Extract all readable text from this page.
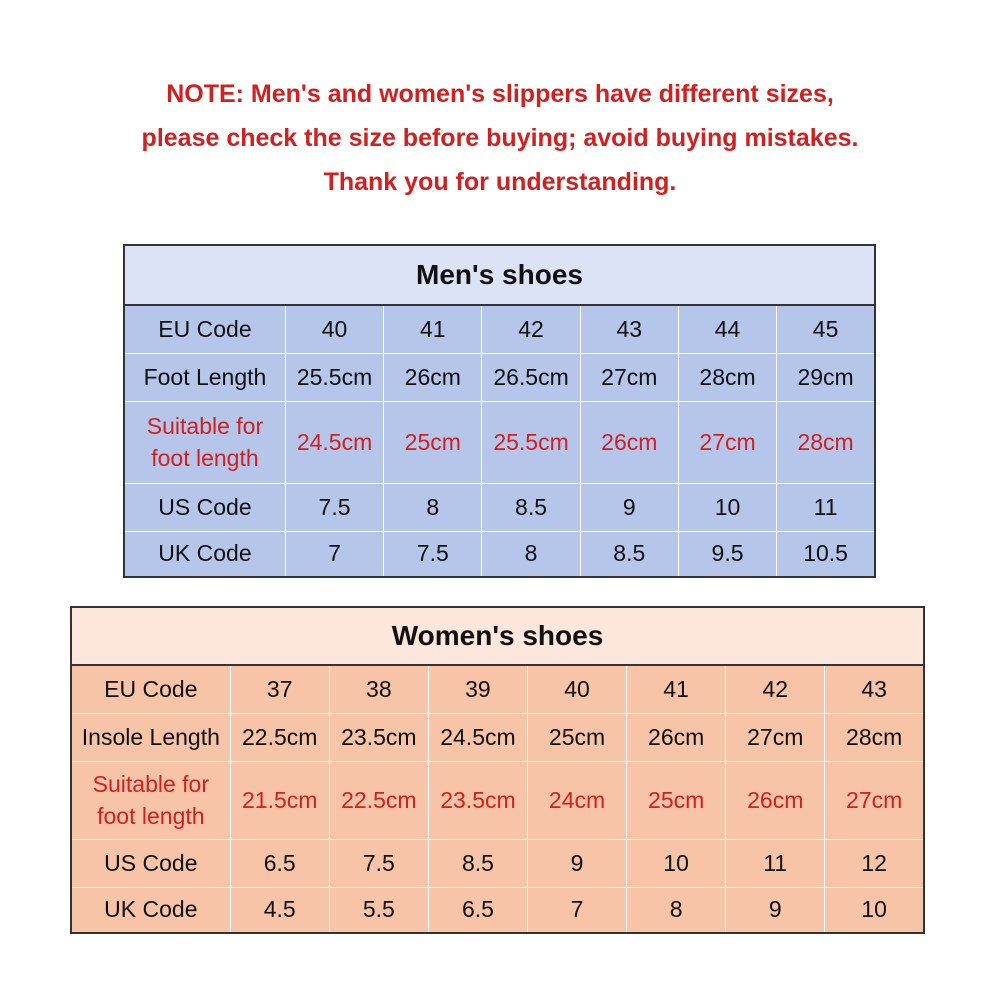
NOTE: Men's and women's slippers have different sizes,
please check the size before buying; avoid buying mistakes.
Thank you for understanding.
Men's shoes						
EU Code	40	41	42	43	44	45
Foot Length	25.5cm	26cm	26.5cm	27cm	28cm	29cm
Suitable for foot length	24.5cm	25cm	25.5cm	26cm	27cm	28cm
US Code	7.5	8	8.5	9	10	11
UK Code	7	7.5	8	8.5	9.5	10.5
Women's shoes							
EU Code	37	38	39	40	41	42	43
Insole Length	22.5cm	23.5cm	24.5cm	25cm	26cm	27cm	28cm
Suitable for foot length	21.5cm	22.5cm	23.5cm	24cm	25cm	26cm	27cm
US Code	6.5	7.5	8.5	9	10	11	12
UK Code	4.5	5.5	6.5	7	8	9	10
